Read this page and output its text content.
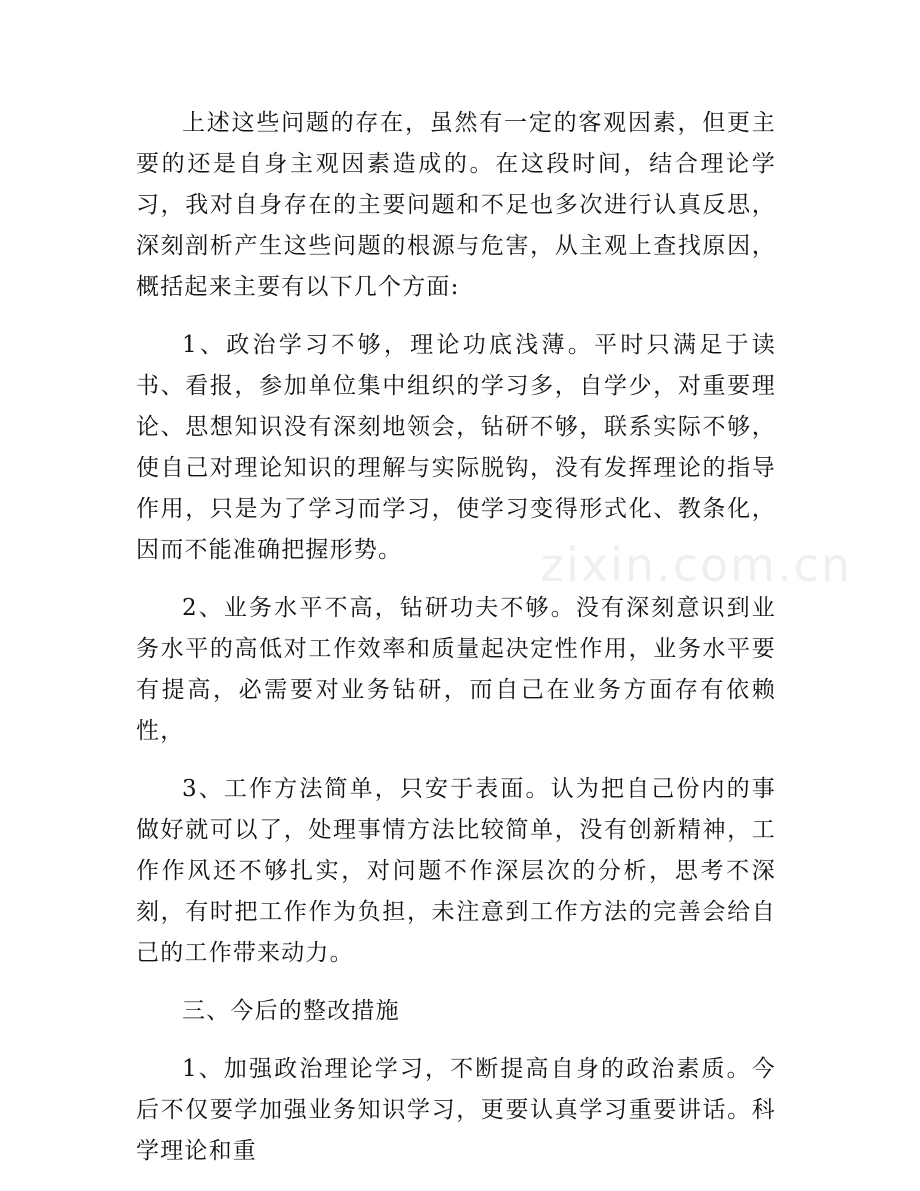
上述这些问题的存在，虽然有一定的客观因素，但更主要的还是自身主观因素造成的。在这段时间，结合理论学习，我对自身存在的主要问题和不足也多次进行认真反思，深刻剖析产生这些问题的根源与危害，从主观上查找原因，概括起来主要有以下几个方面:

1、政治学习不够，理论功底浅薄。平时只满足于读书、看报，参加单位集中组织的学习多，自学少，对重要理论、思想知识没有深刻地领会，钻研不够，联系实际不够，使自己对理论知识的理解与实际脱钩，没有发挥理论的指导作用，只是为了学习而学习，使学习变得形式化、教条化，因而不能准确把握形势。

2、业务水平不高，钻研功夫不够。没有深刻意识到业务水平的高低对工作效率和质量起决定性作用，业务水平要有提高，必需要对业务钻研，而自己在业务方面存有依赖性，

3、工作方法简单，只安于表面。认为把自己份内的事做好就可以了，处理事情方法比较简单，没有创新精神，工作作风还不够扎实，对问题不作深层次的分析，思考不深刻，有时把工作作为负担，未注意到工作方法的完善会给自己的工作带来动力。

三、今后的整改措施

1、加强政治理论学习，不断提高自身的政治素质。今后不仅要学加强业务知识学习，更要认真学习重要讲话。科学理论和重

zixin.com.cn
